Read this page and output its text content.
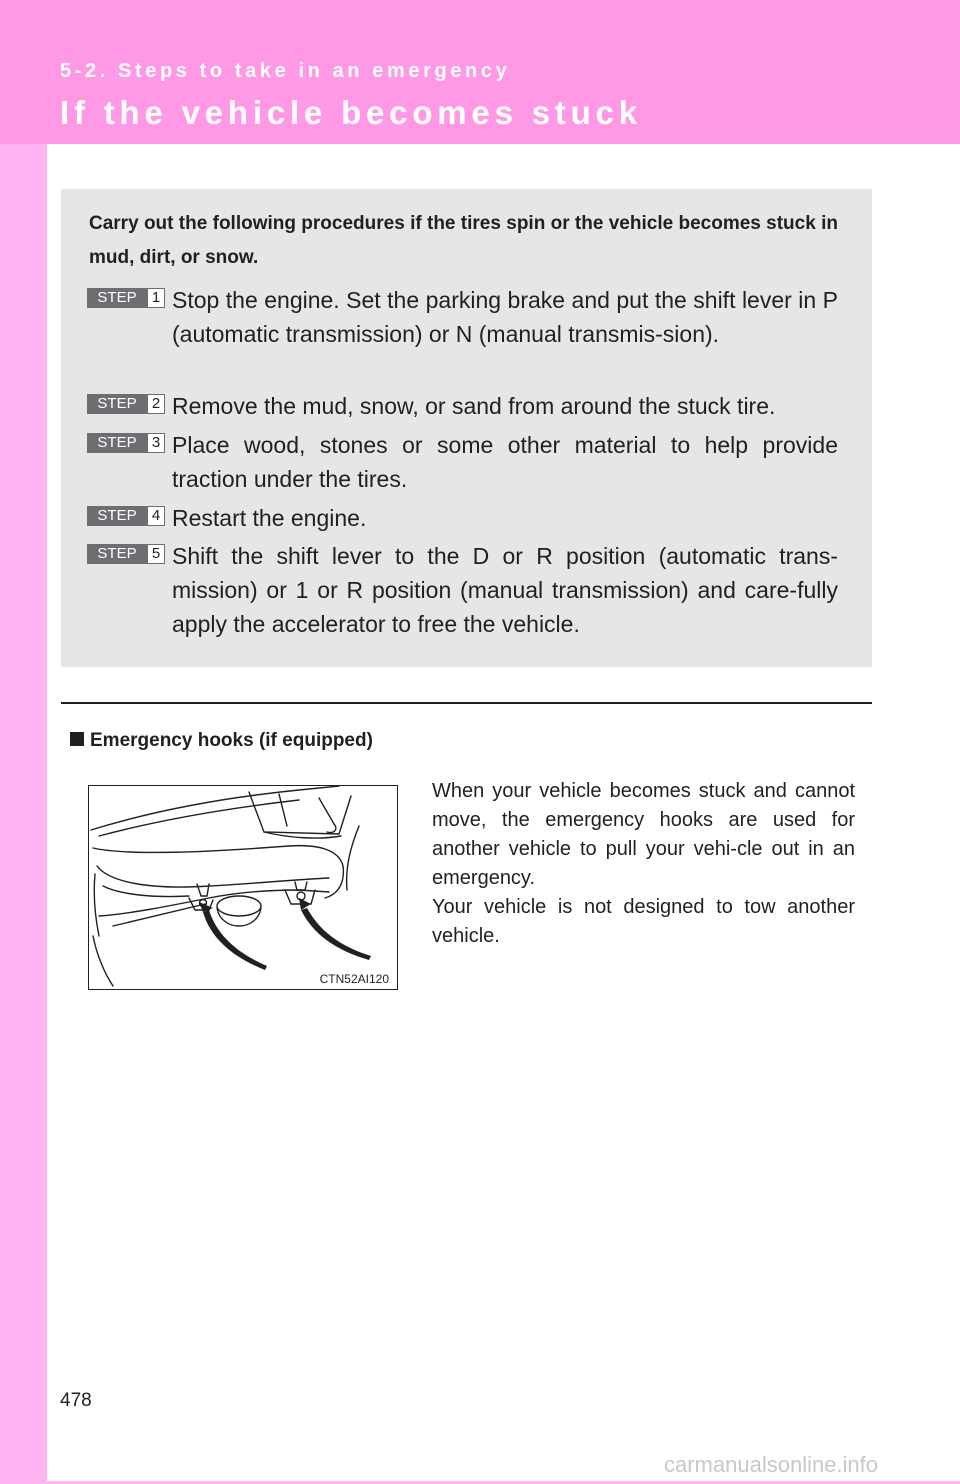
5-2. Steps to take in an emergency
If the vehicle becomes stuck
Carry out the following procedures if the tires spin or the vehicle becomes stuck in mud, dirt, or snow.
STEP	1 Stop the engine. Set the parking brake and put the shift lever in P (automatic transmission) or N (manual transmis-sion).
STEP	2 Remove the mud, snow, or sand from around the stuck tire.
STEP	3 Place wood, stones or some other material to help provide traction under the tires.
STEP	4 Restart the engine.
STEP	5 Shift the shift lever to the D or R position (automatic trans-mission) or 1 or R position (manual transmission) and care-fully apply the accelerator to free the vehicle.
Emergency hooks (if equipped)
CTN52AI120

When your vehicle becomes stuck and cannot move, the emergency hooks are used for another vehicle to pull your vehi-cle out in an emergency.

Your vehicle is not designed to tow another vehicle.

478
carmanualsonline.info
